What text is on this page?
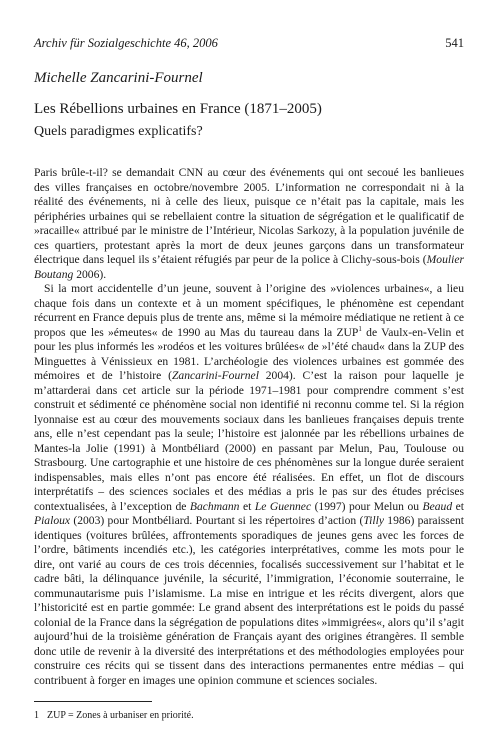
Archiv für Sozialgeschichte 46, 2006	541
Michelle Zancarini-Fournel
Les Rébellions urbaines en France (1871–2005)
Quels paradigmes explicatifs?

Paris brûle-t-il? se demandait CNN au cœur des événements qui ont secoué les banlieues des villes françaises en octobre/novembre 2005. L’information ne correspondait ni à la réalité des événements, ni à celle des lieux, puisque ce n’était pas la capitale, mais les périphéries urbaines qui se rebellaient contre la situation de ségrégation et le qualificatif de »racaille« attribué par le ministre de l’Intérieur, Nicolas Sarkozy, à la population juvénile de ces quartiers, protestant après la mort de deux jeunes garçons dans un transformateur électrique dans lequel ils s’étaient réfugiés par peur de la police à Clichy-sous-bois (Moulier Boutang 2006).

Si la mort accidentelle d’un jeune, souvent à l’origine des »violences urbaines«, a lieu chaque fois dans un contexte et à un moment spécifiques, le phénomène est cependant récurrent en France depuis plus de trente ans, même si la mémoire médiatique ne retient à ce propos que les »émeutes« de 1990 au Mas du taureau dans la ZUP$^1$ de Vaulx-en-Velin et pour les plus informés les »rodéos et les voitures brûlées« de »l’été chaud« dans la ZUP des Minguettes à Vénissieux en 1981. L’archéologie des violences urbaines est gommée des mémoires et de l’histoire (Zancarini-Fournel 2004). C’est la raison pour laquelle je m’attarderai dans cet article sur la période 1971–1981 pour comprendre comment s’est construit et sédimenté ce phénomène social non identifié ni reconnu comme tel. Si la région lyonnaise est au cœur des mouvements sociaux dans les banlieues françaises depuis trente ans, elle n’est cependant pas la seule; l’histoire est jalonnée par les rébellions urbaines de Mantes-la Jolie (1991) à Montbéliard (2000) en passant par Melun, Pau, Toulouse ou Strasbourg. Une cartographie et une histoire de ces phénomènes sur la longue durée seraient indispensables, mais elles n’ont pas encore été réalisées. En effet, un flot de discours interprétatifs – des sciences sociales et des médias a pris le pas sur des études précises contextualisées, à l’exception de Bachmann et Le Guennec (1997) pour Melun ou Beaud et Pialoux (2003) pour Montbéliard. Pourtant si les répertoires d’action (Tilly 1986) paraissent identiques (voitures brûlées, affrontements sporadiques de jeunes gens avec les forces de l’ordre, bâtiments incendiés etc.), les catégories interprétatives, comme les mots pour le dire, ont varié au cours de ces trois décennies, focalisés successivement sur l’habitat et le cadre bâti, la délinquance juvénile, la sécurité, l’immigration, l’économie souterraine, le communautarisme puis l’islamisme. La mise en intrigue et les récits divergent, alors que l’historicité est en partie gommée: Le grand absent des interprétations est le poids du passé colonial de la France dans la ségrégation de populations dites »immigrées«, alors qu’il s’agit aujourd’hui de la troisième génération de Français ayant des origines étrangères. Il semble donc utile de revenir à la diversité des interprétations et des méthodologies employées pour construire ces récits qui se tissent dans des interactions permanentes entre médias – qui contribuent à forger en images une opinion commune et sciences sociales.

1 ZUP = Zones à urbaniser en priorité.
